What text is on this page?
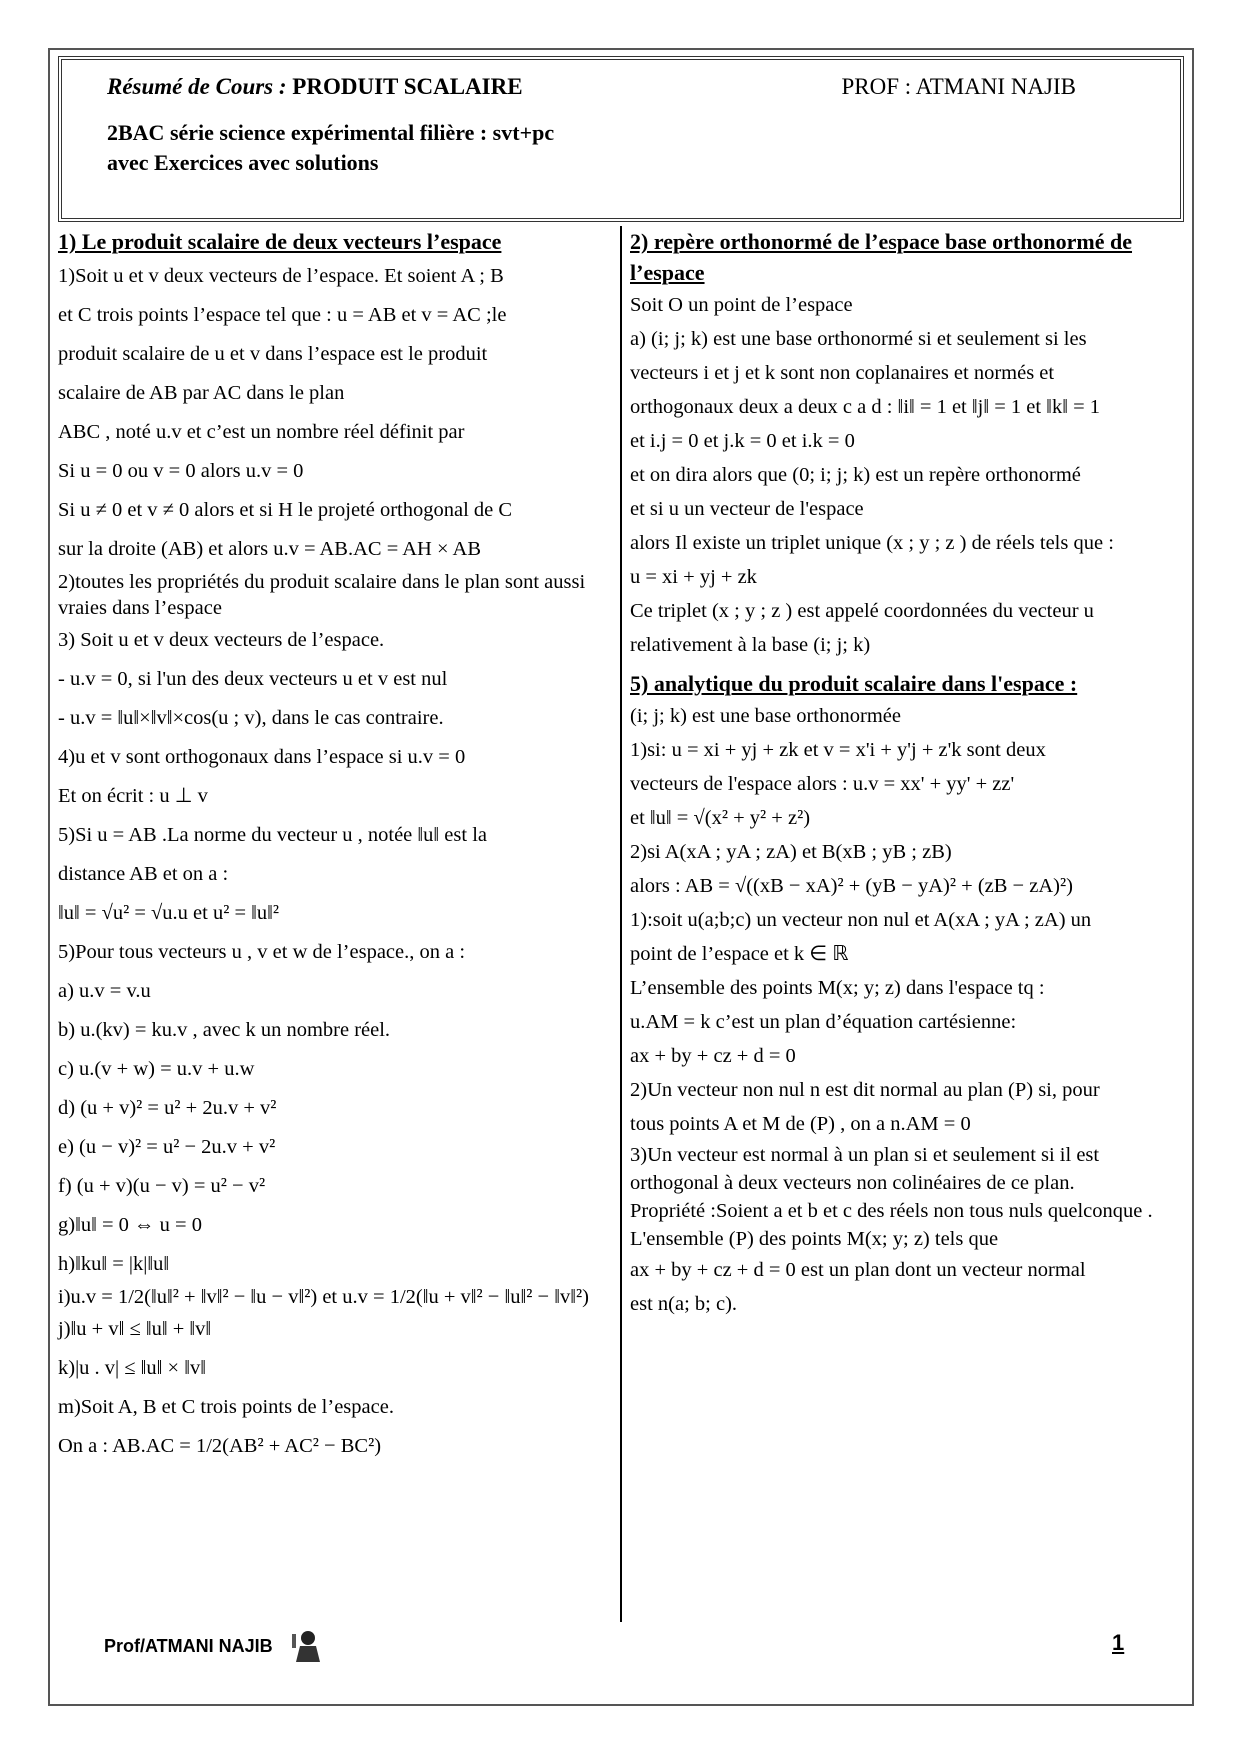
Résumé de Cours : PRODUIT SCALAIRE	PROF : ATMANI NAJIB
2BAC série science expérimental filière : svt+pc
avec Exercices avec solutions
1) Le produit scalaire de deux vecteurs l’espace
1)Soit u et v deux vecteurs de l’espace. Et soient A ; B
et C trois points l’espace tel que : u = AB et v = AC ;le
produit scalaire de u et v dans l’espace est le produit
scalaire de AB par AC dans le plan
ABC , noté u.v et c’est un nombre réel définit par
Si u = 0 ou v = 0 alors u.v = 0
Si u ≠ 0 et v ≠ 0 alors et si H le projeté orthogonal de C
sur la droite (AB) et alors u.v = AB.AC = AH × AB
2)toutes les propriétés du produit scalaire dans le plan sont aussi vraies dans l’espace
3) Soit u et v deux vecteurs de l’espace.
- u.v = 0, si l'un des deux vecteurs u et v est nul
- u.v = ‖u‖×‖v‖×cos(u ; v), dans le cas contraire.
4)u et v sont orthogonaux dans l’espace si u.v = 0
Et on écrit : u ⊥ v
5)Si u = AB .La norme du vecteur u , notée ‖u‖ est la
distance AB et on a :
‖u‖ = √u² = √u.u et u² = ‖u‖²
5)Pour tous vecteurs u , v et w de l’espace., on a :
a) u.v = v.u
b) u.(kv) = ku.v , avec k un nombre réel.
c) u.(v + w) = u.v + u.w
d) (u + v)² = u² + 2u.v + v²
e) (u − v)² = u² − 2u.v + v²
f) (u + v)(u − v) = u² − v²
g)‖u‖ = 0 ⇔ u = 0
h)‖ku‖ = |k|‖u‖
i)u.v = 1/2(‖u‖² + ‖v‖² − ‖u − v‖²) et u.v = 1/2(‖u + v‖² − ‖u‖² − ‖v‖²)
j)‖u + v‖ ≤ ‖u‖ + ‖v‖
k)|u . v| ≤ ‖u‖ × ‖v‖
m)Soit A, B et C trois points de l’espace.
On a : AB.AC = 1/2(AB² + AC² − BC²)
2) repère orthonormé de l’espace base orthonormé de l’espace
Soit O un point de l’espace
a) (i; j; k) est une base orthonormé si et seulement si les
vecteurs i et j et k sont non coplanaires et normés et
orthogonaux deux a deux c a d : ‖i‖ = 1 et ‖j‖ = 1 et ‖k‖ = 1
et i.j = 0 et j.k = 0 et i.k = 0
et on dira alors que (0; i; j; k) est un repère orthonormé
et si u un vecteur de l'espace
alors Il existe un triplet unique (x ; y ; z ) de réels tels que :
u = xi + yj + zk
Ce triplet (x ; y ; z ) est appelé coordonnées du vecteur u
relativement à la base (i; j; k)
5) analytique du produit scalaire dans l'espace :
(i; j; k) est une base orthonormée
1)si: u = xi + yj + zk et v = x'i + y'j + z'k sont deux
vecteurs de l'espace alors : u.v = xx' + yy' + zz'
et ‖u‖ = √(x² + y² + z²)
2)si A(xA ; yA ; zA) et B(xB ; yB ; zB)
alors : AB = √((xB − xA)² + (yB − yA)² + (zB − zA)²)
1):soit u(a;b;c) un vecteur non nul et A(xA ; yA ; zA) un
point de l’espace et k ∈ ℝ
L’ensemble des points M(x; y; z) dans l'espace tq :
u.AM = k c’est un plan d’équation cartésienne:
ax + by + cz + d = 0
2)Un vecteur non nul n est dit normal au plan (P) si, pour
tous points A et M de (P) , on a n.AM = 0
3)Un vecteur est normal à un plan si et seulement si il est orthogonal à deux vecteurs non colinéaires de ce plan.
Propriété :Soient a et b et c des réels non tous nuls quelconque . L'ensemble (P) des points M(x; y; z) tels que
ax + by + cz + d = 0 est un plan dont un vecteur normal
est n(a; b; c).
Prof/ATMANI NAJIB	1
